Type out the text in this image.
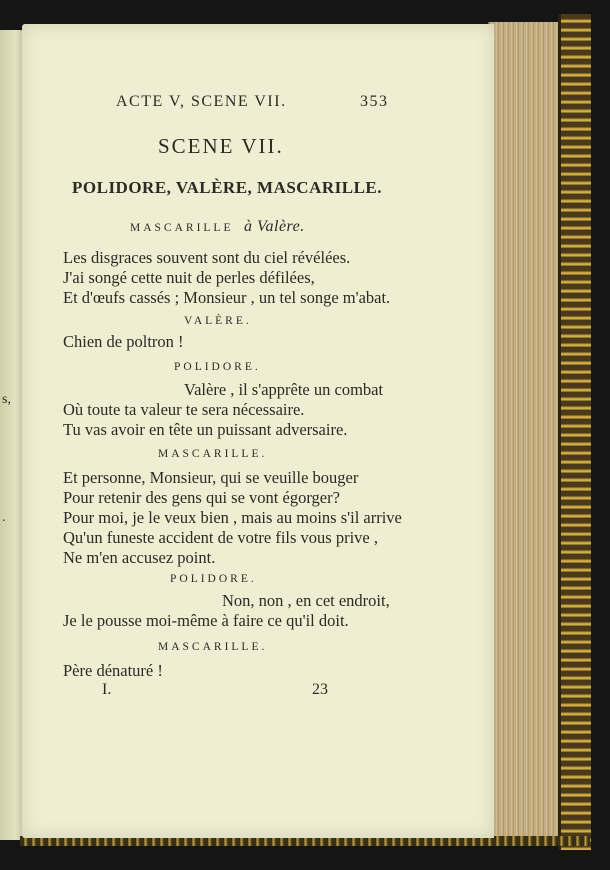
s,
.
ACTE V, SCENE VII.	353
SCENE VII.
POLIDORE, VALÈRE, MASCARILLE.
MASCARILLE à Valère.
Les disgraces souvent sont du ciel révélées.
J'ai songé cette nuit de perles défilées,
Et d'œufs cassés ; Monsieur , un tel songe m'abat.
VALÈRE.
Chien de poltron !
POLIDORE.
Valère , il s'apprête un combat
Où toute ta valeur te sera nécessaire.
Tu vas avoir en tête un puissant adversaire.
MASCARILLE.
Et personne, Monsieur, qui se veuille bouger
Pour retenir des gens qui se vont égorger?
Pour moi, je le veux bien , mais au moins s'il arrive
Qu'un funeste accident de votre fils vous prive ,
Ne m'en accusez point.
POLIDORE.
Non, non , en cet endroit,
Je le pousse moi-même à faire ce qu'il doit.
MASCARILLE.
Père dénaturé !
I.	23
